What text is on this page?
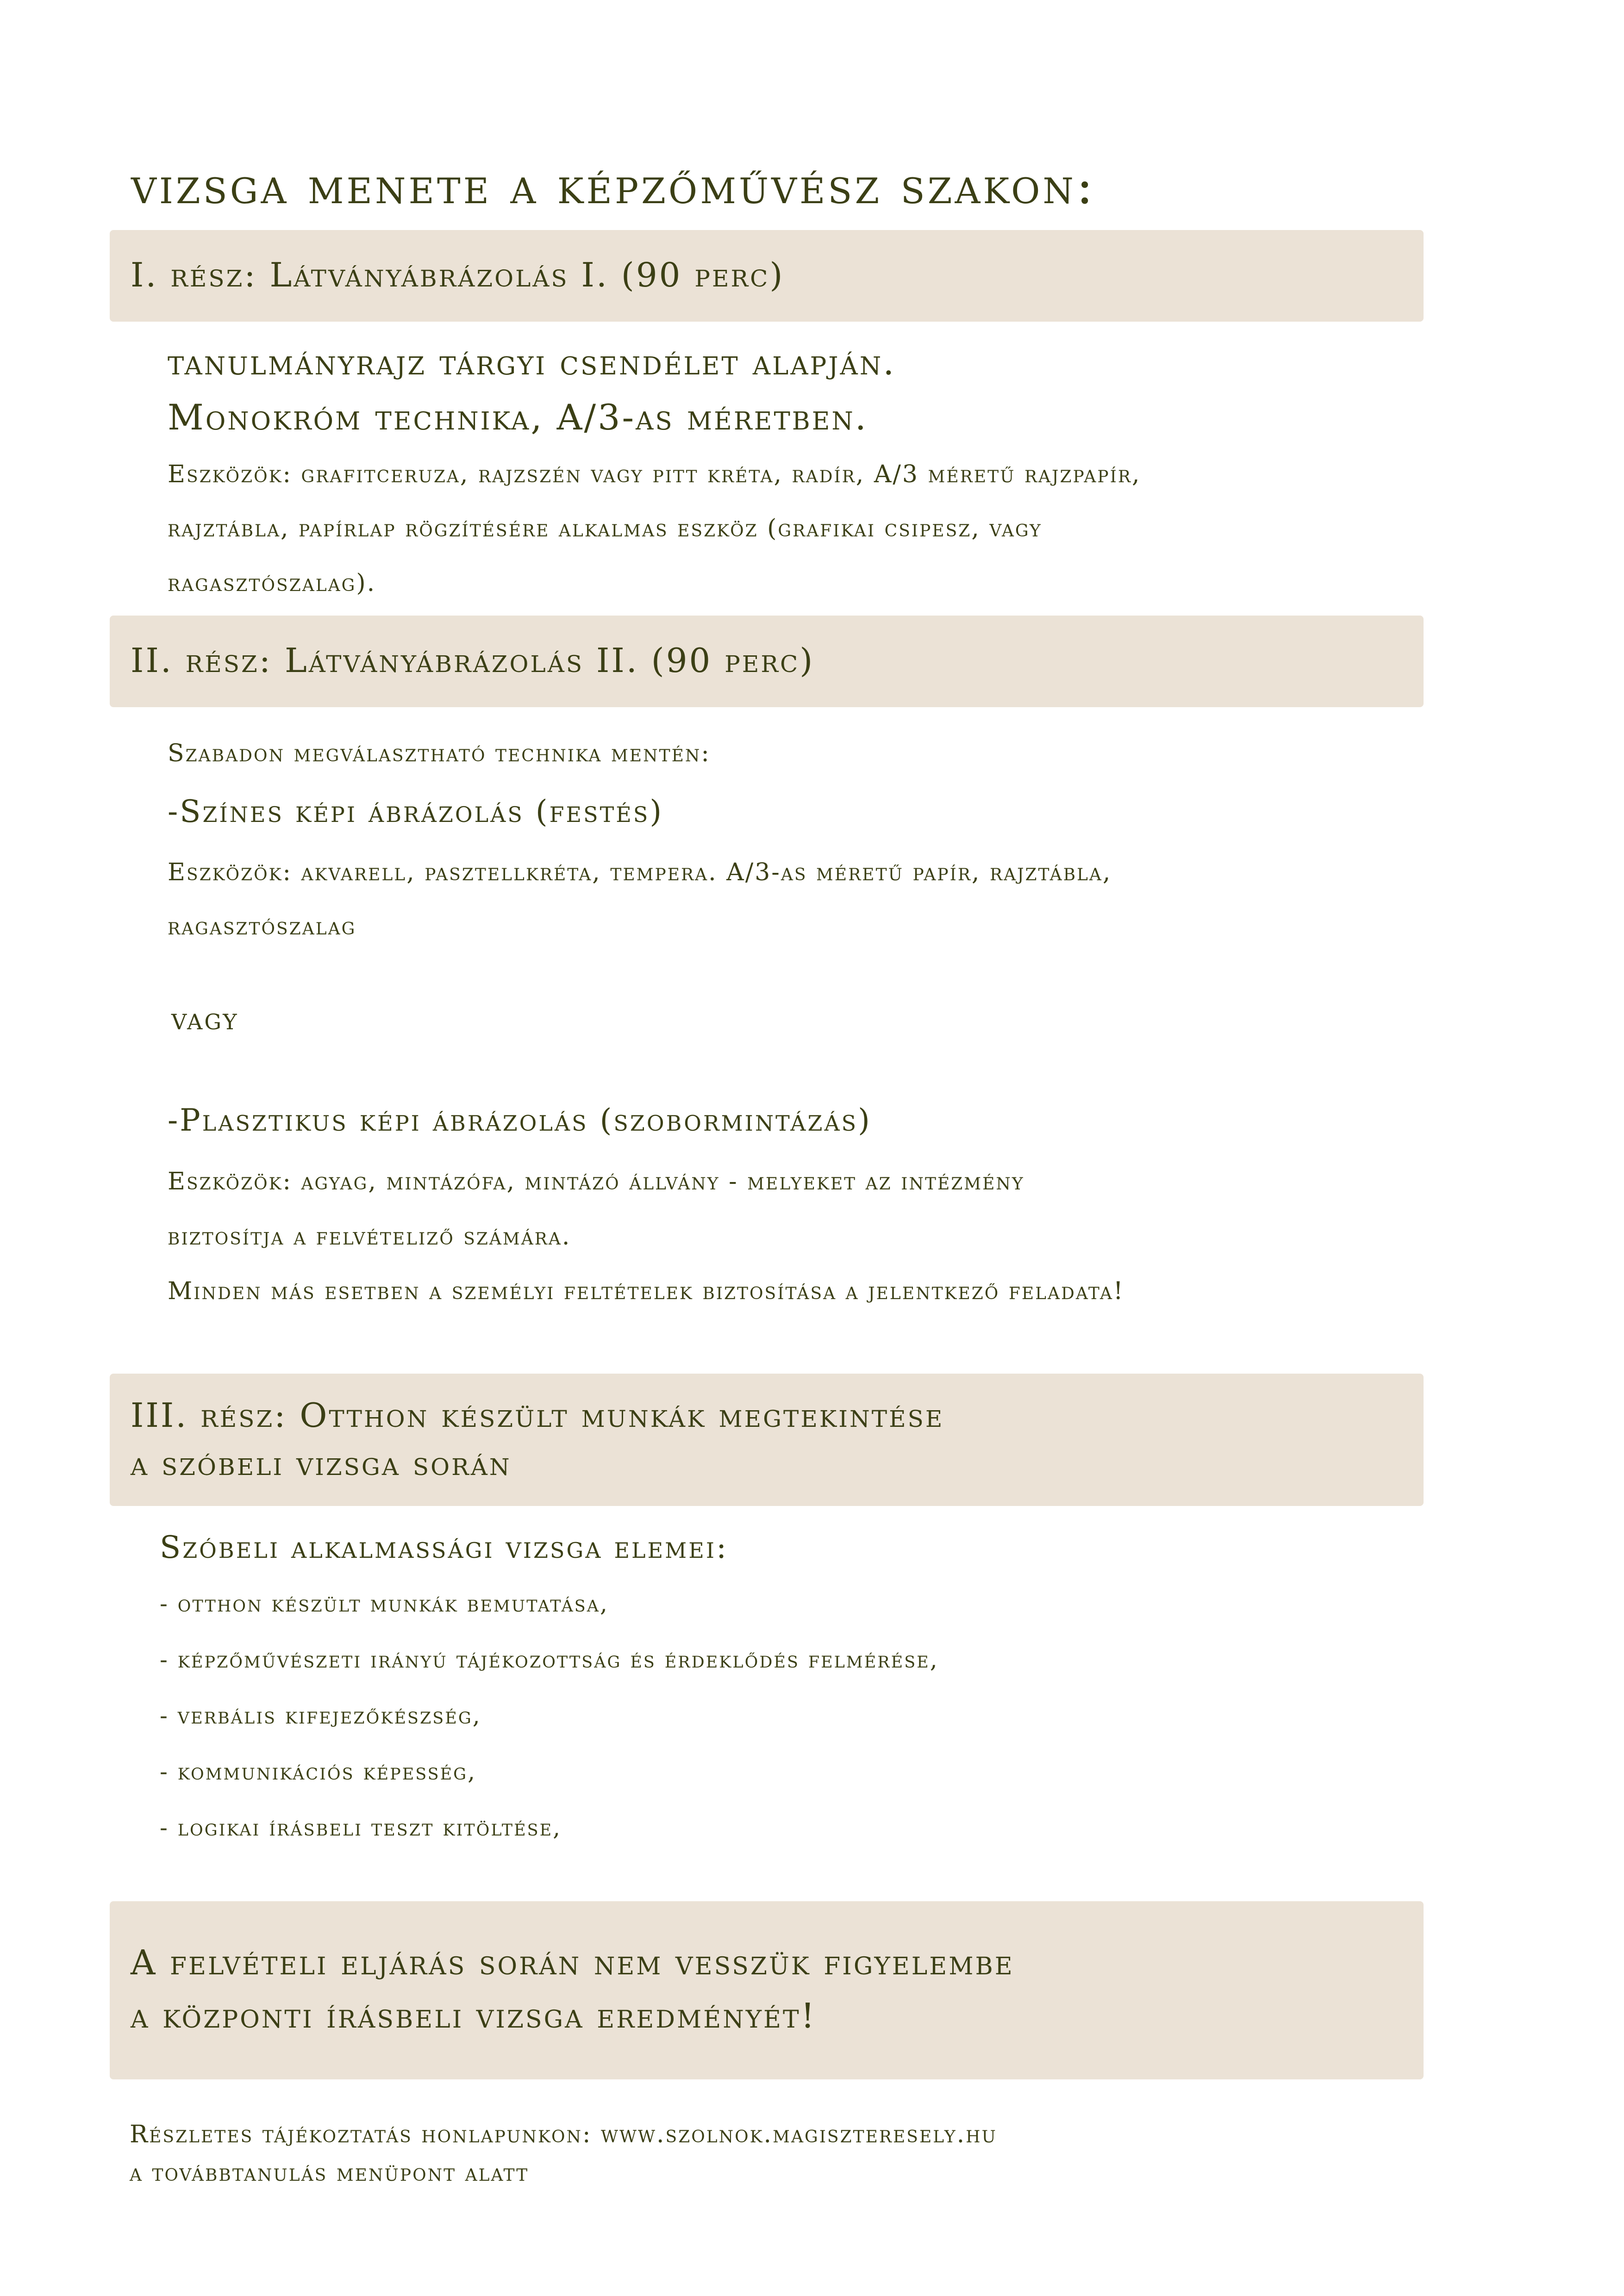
vizsga menete a képzőművész szakon:
I. rész: Látványábrázolás I. (90 perc)
tanulmányrajz tárgyi csendélet alapján.
Monokróm technika, A/3-as méretben.
Eszközök: grafitceruza, rajzszén vagy pitt kréta, radír, A/3 méretű rajzpapír,
rajztábla, papírlap rögzítésére alkalmas eszköz (grafikai csipesz, vagy
ragasztószalag).
II. rész: Látványábrázolás II. (90 perc)
Szabadon megválasztható technika mentén:
-Színes képi ábrázolás (festés)
Eszközök: akvarell, pasztellkréta, tempera. A/3-as méretű papír, rajztábla,
ragasztószalag
vagy
-Plasztikus képi ábrázolás (szobormintázás)
Eszközök: agyag, mintázófa, mintázó állvány - melyeket az intézmény
biztosítja a felvételiző számára.
Minden más esetben a személyi feltételek biztosítása a jelentkező feladata!
III. rész: Otthon készült munkák megtekintése
a szóbeli vizsga során
Szóbeli alkalmassági vizsga elemei:
- otthon készült munkák bemutatása,
- képzőművészeti irányú tájékozottság és érdeklődés felmérése,
- verbális kifejezőkészség,
- kommunikációs képesség,
- logikai írásbeli teszt kitöltése,
A felvételi eljárás során nem vesszük figyelembe
a központi írásbeli vizsga eredményét!
Részletes tájékoztatás honlapunkon: www.szolnok.magiszteresely.hu
a továbbtanulás menüpont alatt
